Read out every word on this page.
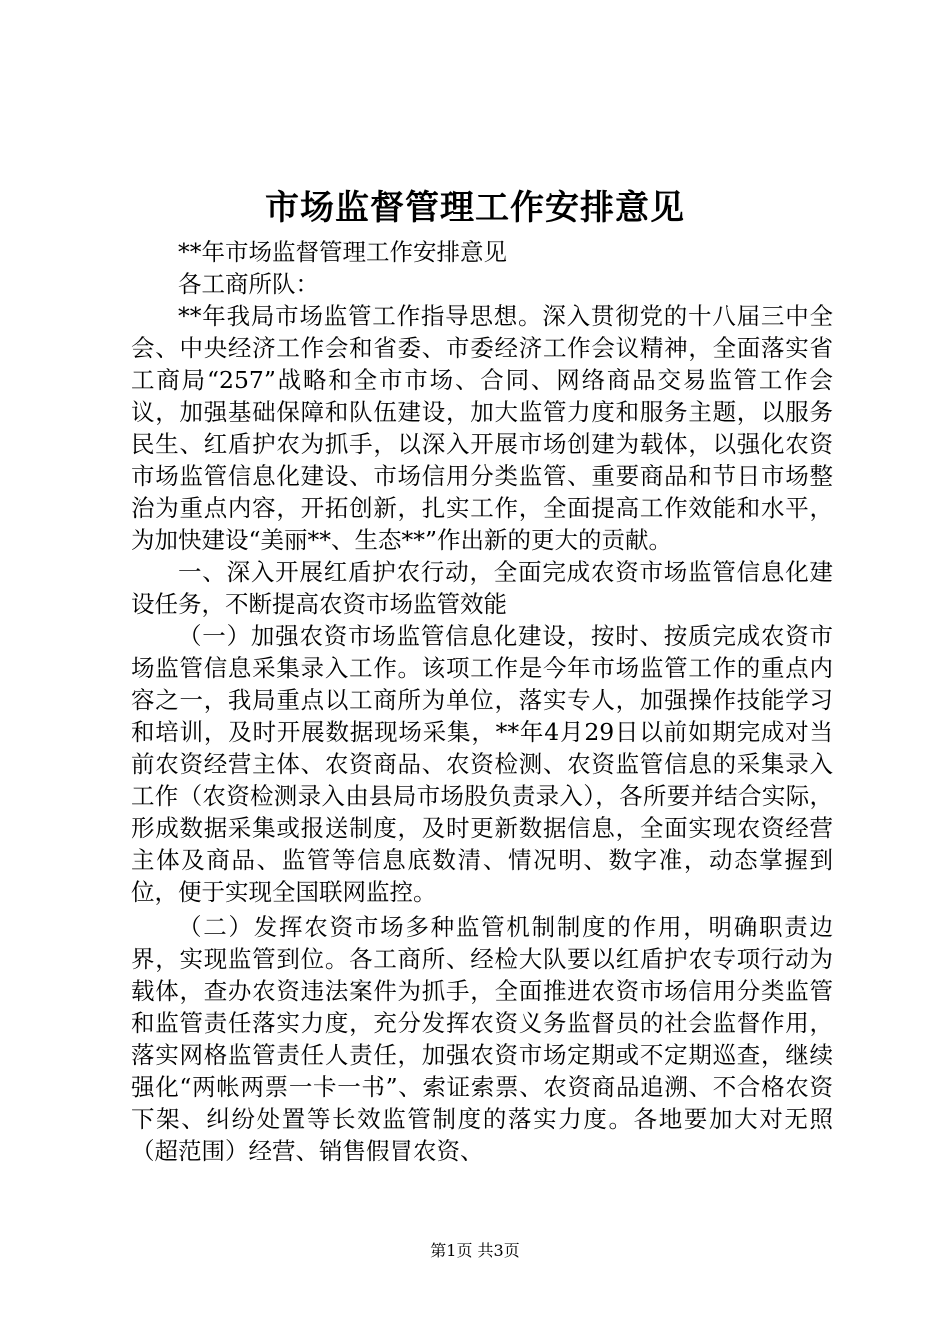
市场监督管理工作安排意见

**年市场监督管理工作安排意见

各工商所队：

**年我局市场监管工作指导思想。深入贯彻党的十八届三中全会、中央经济工作会和省委、市委经济工作会议精神，全面落实省工商局“257”战略和全市市场、合同、网络商品交易监管工作会议，加强基础保障和队伍建设，加大监管力度和服务主题，以服务民生、红盾护农为抓手，以深入开展市场创建为载体，以强化农资市场监管信息化建设、市场信用分类监管、重要商品和节日市场整治为重点内容，开拓创新，扎实工作，全面提高工作效能和水平，为加快建设“美丽**、生态**”作出新的更大的贡献。

一、深入开展红盾护农行动，全面完成农资市场监管信息化建设任务，不断提高农资市场监管效能

（一）加强农资市场监管信息化建设，按时、按质完成农资市场监管信息采集录入工作。该项工作是今年市场监管工作的重点内容之一，我局重点以工商所为单位，落实专人，加强操作技能学习和培训，及时开展数据现场采集，**年4月29日以前如期完成对当前农资经营主体、农资商品、农资检测、农资监管信息的采集录入工作（农资检测录入由县局市场股负责录入），各所要并结合实际，形成数据采集或报送制度，及时更新数据信息，全面实现农资经营主体及商品、监管等信息底数清、情况明、数字准，动态掌握到位，便于实现全国联网监控。

（二）发挥农资市场多种监管机制制度的作用，明确职责边界，实现监管到位。各工商所、经检大队要以红盾护农专项行动为载体，查办农资违法案件为抓手，全面推进农资市场信用分类监管和监管责任落实力度，充分发挥农资义务监督员的社会监督作用，落实网格监管责任人责任，加强农资市场定期或不定期巡查，继续强化“两帐两票一卡一书”、索证索票、农资商品追溯、不合格农资下架、纠纷处置等长效监管制度的落实力度。各地要加大对无照（超范围）经营、销售假冒农资、

第1页 共3页
